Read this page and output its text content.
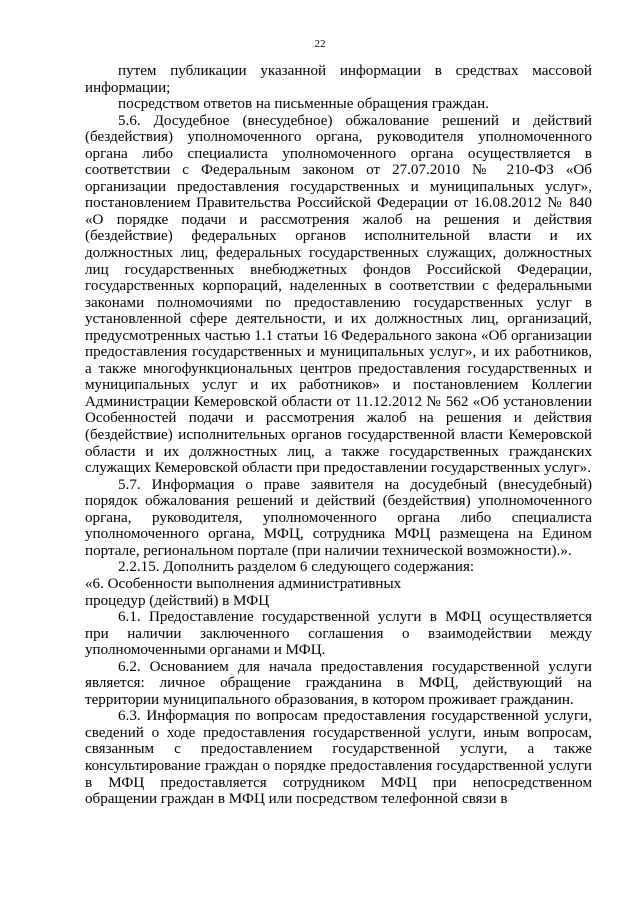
22

путем публикации указанной информации в средствах массовой информации;

посредством ответов на письменные обращения граждан.

5.6. Досудебное (внесудебное) обжалование решений и действий (бездействия) уполномоченного органа, руководителя уполномоченного органа либо специалиста уполномоченного органа осуществляется в соответствии с Федеральным законом от 27.07.2010 № 210-ФЗ «Об организации предоставления государственных и муниципальных услуг», постановлением Правительства Российской Федерации от 16.08.2012 № 840 «О порядке подачи и рассмотрения жалоб на решения и действия (бездействие) федеральных органов исполнительной власти и их должностных лиц, федеральных государственных служащих, должностных лиц государственных внебюджетных фондов Российской Федерации, государственных корпораций, наделенных в соответствии с федеральными законами полномочиями по предоставлению государственных услуг в установленной сфере деятельности, и их должностных лиц, организаций, предусмотренных частью 1.1 статьи 16 Федерального закона «Об организации предоставления государственных и муниципальных услуг», и их работников, а также многофункциональных центров предоставления государственных и муниципальных услуг и их работников» и постановлением Коллегии Администрации Кемеровской области от 11.12.2012 № 562 «Об установлении Особенностей подачи и рассмотрения жалоб на решения и действия (бездействие) исполнительных органов государственной власти Кемеровской области и их должностных лиц, а также государственных гражданских служащих Кемеровской области при предоставлении государственных услуг».

5.7. Информация о праве заявителя на досудебный (внесудебный) порядок обжалования решений и действий (бездействия) уполномоченного органа, руководителя, уполномоченного органа либо специалиста уполномоченного органа, МФЦ, сотрудника МФЦ размещена на Едином портале, региональном портале (при наличии технической возможности).».

2.2.15. Дополнить разделом 6 следующего содержания:

«6. Особенности выполнения административных

процедур (действий) в МФЦ

6.1. Предоставление государственной услуги в МФЦ осуществляется при наличии заключенного соглашения о взаимодействии между уполномоченными органами и МФЦ.

6.2. Основанием для начала предоставления государственной услуги является: личное обращение гражданина в МФЦ, действующий на территории муниципального образования, в котором проживает гражданин.

6.3. Информация по вопросам предоставления государственной услуги, сведений о ходе предоставления государственной услуги, иным вопросам, связанным с предоставлением государственной услуги, а также консультирование граждан о порядке предоставления государственной услуги в МФЦ предоставляется сотрудником МФЦ при непосредственном обращении граждан в МФЦ или посредством телефонной связи в
